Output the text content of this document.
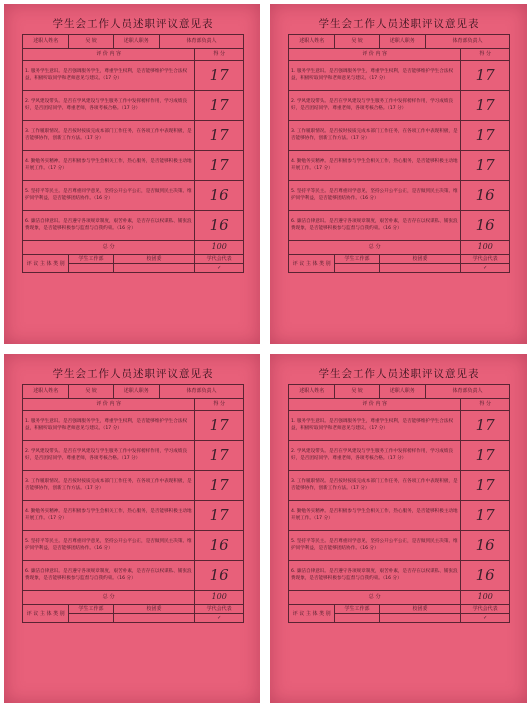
学生会工作人员述职评议意见表
述职人姓名	吴 姣	述职人职务	体育部负责人	
评 价 内 容				得 分
1. 服务学生意识。是否强调服务学生，尊重学生权利，是否能够维护学生合法权益，积极听取同学和老师意见与建议。（17 分）				17
2. 学风建设带头。是否在学风建设与学生服务工作中发挥榜样作用，学习成绩良好，是否团结同学、尊重老师，各项考核合格。（17 分）				17
3. 工作履职情况。是否按时按质完成本部门工作任务，在各项工作中表现积极，是否能够协作，创新工作方法。（17 分）				17
4. 勤勉务实精神。是否积极参与学生会相关工作，热心服务，是否能够积极主动地开展工作。（17 分）				17
5. 坚持平等民主。是否尊重同学意见，坚持公开公平公正，是否做到民主决策、维护同学利益，是否能够团结协作。（16 分）				16
6. 廉洁自律意识。是否遵守各项规章制度，艰苦朴素，是否存在以权谋私、铺张浪费现象，是否能够积极参与监督与自我约束。（16 分）				16
总 分				100
评 议 主 体 类 别	学生工作部	校团委		学代会代表
				✓
学生会工作人员述职评议意见表
述职人姓名	吴 姣	述职人职务	体育部负责人	
评 价 内 容				得 分
1. 服务学生意识。是否强调服务学生，尊重学生权利，是否能够维护学生合法权益，积极听取同学和老师意见与建议。（17 分）				17
2. 学风建设带头。是否在学风建设与学生服务工作中发挥榜样作用，学习成绩良好，是否团结同学、尊重老师，各项考核合格。（17 分）				17
3. 工作履职情况。是否按时按质完成本部门工作任务，在各项工作中表现积极，是否能够协作，创新工作方法。（17 分）				17
4. 勤勉务实精神。是否积极参与学生会相关工作，热心服务，是否能够积极主动地开展工作。（17 分）				17
5. 坚持平等民主。是否尊重同学意见，坚持公开公平公正，是否做到民主决策、维护同学利益，是否能够团结协作。（16 分）				16
6. 廉洁自律意识。是否遵守各项规章制度，艰苦朴素，是否存在以权谋私、铺张浪费现象，是否能够积极参与监督与自我约束。（16 分）				16
总 分				100
评 议 主 体 类 别	学生工作部	校团委		学代会代表
				✓
学生会工作人员述职评议意见表
述职人姓名	吴 姣	述职人职务	体育部负责人	
评 价 内 容				得 分
1. 服务学生意识。是否强调服务学生，尊重学生权利，是否能够维护学生合法权益，积极听取同学和老师意见与建议。（17 分）				17
2. 学风建设带头。是否在学风建设与学生服务工作中发挥榜样作用，学习成绩良好，是否团结同学、尊重老师，各项考核合格。（17 分）				17
3. 工作履职情况。是否按时按质完成本部门工作任务，在各项工作中表现积极，是否能够协作，创新工作方法。（17 分）				17
4. 勤勉务实精神。是否积极参与学生会相关工作，热心服务，是否能够积极主动地开展工作。（17 分）				17
5. 坚持平等民主。是否尊重同学意见，坚持公开公平公正，是否做到民主决策、维护同学利益，是否能够团结协作。（16 分）				16
6. 廉洁自律意识。是否遵守各项规章制度，艰苦朴素，是否存在以权谋私、铺张浪费现象，是否能够积极参与监督与自我约束。（16 分）				16
总 分				100
评 议 主 体 类 别	学生工作部	校团委		学代会代表
				✓
学生会工作人员述职评议意见表
述职人姓名	吴 姣	述职人职务	体育部负责人	
评 价 内 容				得 分
1. 服务学生意识。是否强调服务学生，尊重学生权利，是否能够维护学生合法权益，积极听取同学和老师意见与建议。（17 分）				17
2. 学风建设带头。是否在学风建设与学生服务工作中发挥榜样作用，学习成绩良好，是否团结同学、尊重老师，各项考核合格。（17 分）				17
3. 工作履职情况。是否按时按质完成本部门工作任务，在各项工作中表现积极，是否能够协作，创新工作方法。（17 分）				17
4. 勤勉务实精神。是否积极参与学生会相关工作，热心服务，是否能够积极主动地开展工作。（17 分）				17
5. 坚持平等民主。是否尊重同学意见，坚持公开公平公正，是否做到民主决策、维护同学利益，是否能够团结协作。（16 分）				16
6. 廉洁自律意识。是否遵守各项规章制度，艰苦朴素，是否存在以权谋私、铺张浪费现象，是否能够积极参与监督与自我约束。（16 分）				16
总 分				100
评 议 主 体 类 别	学生工作部	校团委		学代会代表
				✓
